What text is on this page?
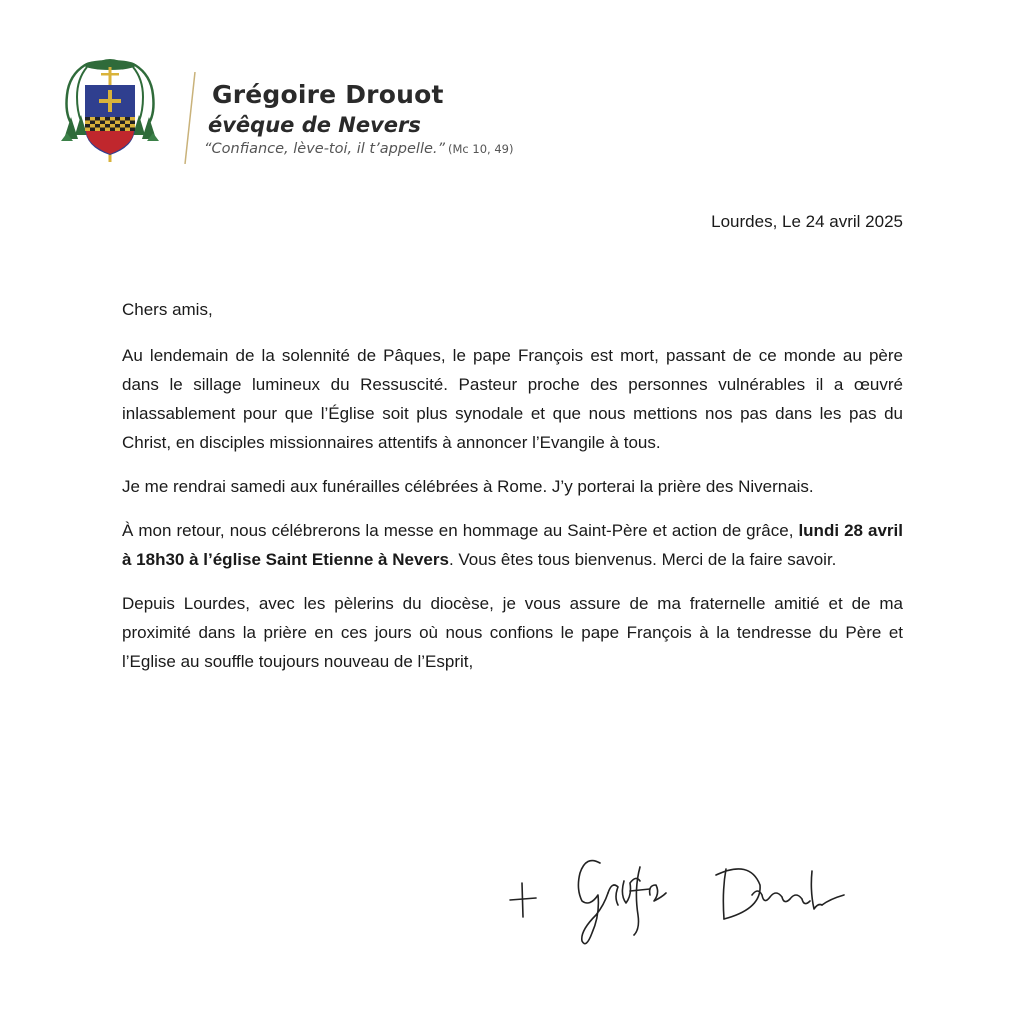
Grégoire Drouot
évêque de Nevers
“Confiance, lève-toi, il t’appelle.” (Mc 10, 49)
Lourdes, Le 24 avril 2025

Chers amis,

Au lendemain de la solennité de Pâques, le pape François est mort, passant de ce monde au père dans le sillage lumineux du Ressuscité. Pasteur proche des personnes vulnérables il a œuvré inlassablement pour que l’Église soit plus synodale et que nous mettions nos pas dans les pas du Christ, en disciples missionnaires attentifs à annoncer l’Evangile à tous.

Je me rendrai samedi aux funérailles célébrées à Rome. J’y porterai la prière des Nivernais.

À mon retour, nous célébrerons la messe en hommage au Saint-Père et action de grâce, lundi 28 avril à 18h30 à l’église Saint Etienne à Nevers. Vous êtes tous bienvenus. Merci de la faire savoir.

Depuis Lourdes, avec les pèlerins du diocèse, je vous assure de ma fraternelle amitié et de ma proximité dans la prière en ces jours où nous confions le pape François à la tendresse du Père et l’Eglise au souffle toujours nouveau de l’Esprit,
